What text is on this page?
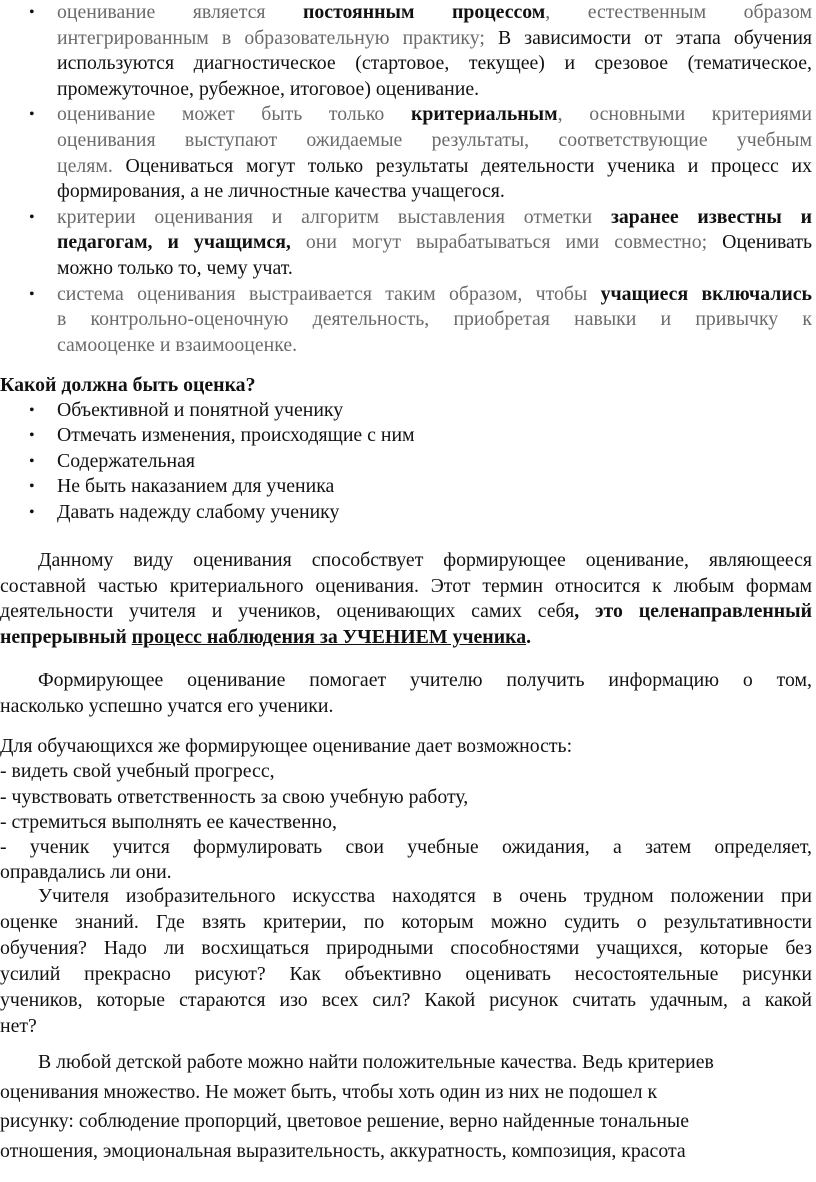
• оценивание является постоянным процессом, естественным образом
интегрированным в образовательную практику; В зависимости от этапа обучения
используются диагностическое (стартовое, текущее) и срезовое (тематическое,
промежуточное, рубежное, итоговое) оценивание.
• оценивание может быть только критериальным, основными критериями
оценивания выступают ожидаемые результаты, соответствующие учебным
целям. Оцениваться могут только результаты деятельности ученика и процесс их
формирования, а не личностные качества учащегося.
• критерии оценивания и алгоритм выставления отметки заранее известны и
педагогам, и учащимся, они могут вырабатываться ими совместно; Оценивать
можно только то, чему учат.
• система оценивания выстраивается таким образом, чтобы учащиеся включались
в контрольно-оценочную деятельность, приобретая навыки и привычку к
самооценке и взаимооценке.
Какой должна быть оценка?
• Объективной и понятной ученику
• Отмечать изменения, происходящие с ним
• Содержательная
• Не быть наказанием для ученика
• Давать надежду слабому ученику
Данному виду оценивания способствует формирующее оценивание, являющееся
составной частью критериального оценивания. Этот термин относится к любым формам
деятельности учителя и учеников, оценивающих самих себя, это целенаправленный
непрерывный процесс наблюдения за УЧЕНИЕМ ученика.
Формирующее оценивание помогает учителю получить информацию о том,
насколько успешно учатся его ученики.
Для обучающихся же формирующее оценивание дает возможность:
- видеть свой учебный прогресс,
- чувствовать ответственность за свою учебную работу,
- стремиться выполнять ее качественно,
- ученик учится формулировать свои учебные ожидания, а затем определяет,
оправдались ли они.
Учителя изобразительного искусства находятся в очень трудном положении при
оценке знаний. Где взять критерии, по которым можно судить о результативности
обучения? Надо ли восхищаться природными способностями учащихся, которые без
усилий прекрасно рисуют? Как объективно оценивать несостоятельные рисунки
учеников, которые стараются изо всех сил? Какой рисунок считать удачным, а какой
нет?
В любой детской работе можно найти положительные качества. Ведь критериев
оценивания множество. Не может быть, чтобы хоть один из них не подошел к
рисунку: соблюдение пропорций, цветовое решение, верно найденные тональные
отношения, эмоциональная выразительность, аккуратность, композиция, красота
